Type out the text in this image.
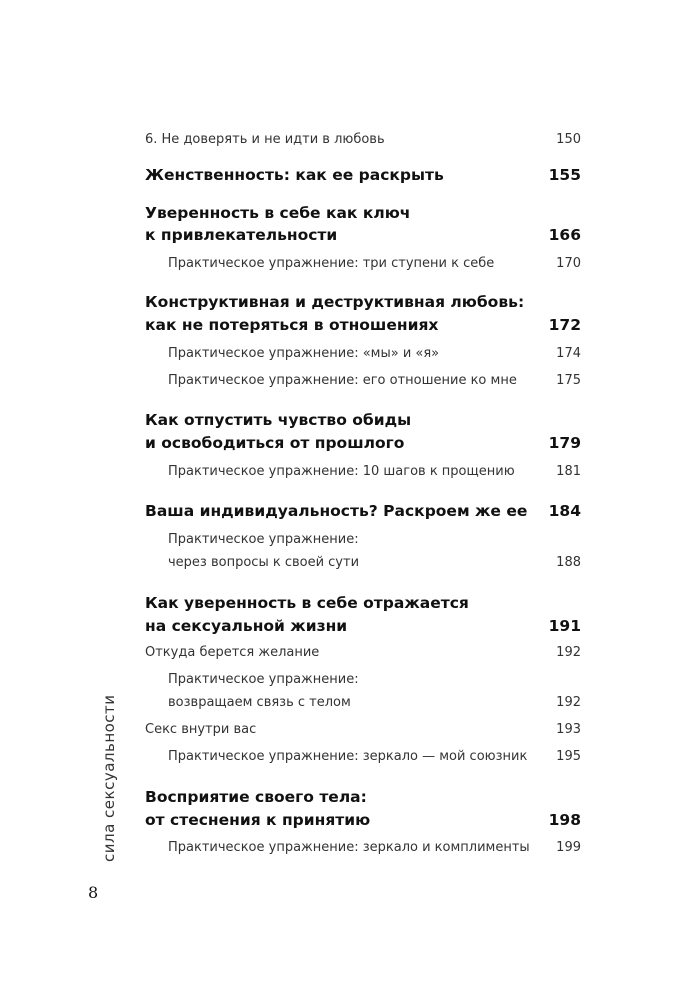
сила сексуальности
8
6. Не доверять и не идти в любовь	150
Женственность: как ее раскрыть	155
Уверенность в себе как ключ
к привлекательности	166
Практическое упражнение: три ступени к себе	170
Конструктивная и деструктивная любовь:
как не потеряться в отношениях	172
Практическое упражнение: «мы» и «я»	174
Практическое упражнение: его отношение ко мне	175
Как отпустить чувство обиды
и освободиться от прошлого	179
Практическое упражнение: 10 шагов к прощению	181
Ваша индивидуальность? Раскроем же ее 184
Практическое упражнение:
через вопросы к своей сути	188
Как уверенность в себе отражается
на сексуальной жизни	191
Откуда берется желание	192
Практическое упражнение:
возвращаем связь с телом	192
Секс внутри вас	193
Практическое упражнение: зеркало — мой союзник 195
Восприятие своего тела:
от стеснения к принятию	198
Практическое упражнение: зеркало и комплименты 199
